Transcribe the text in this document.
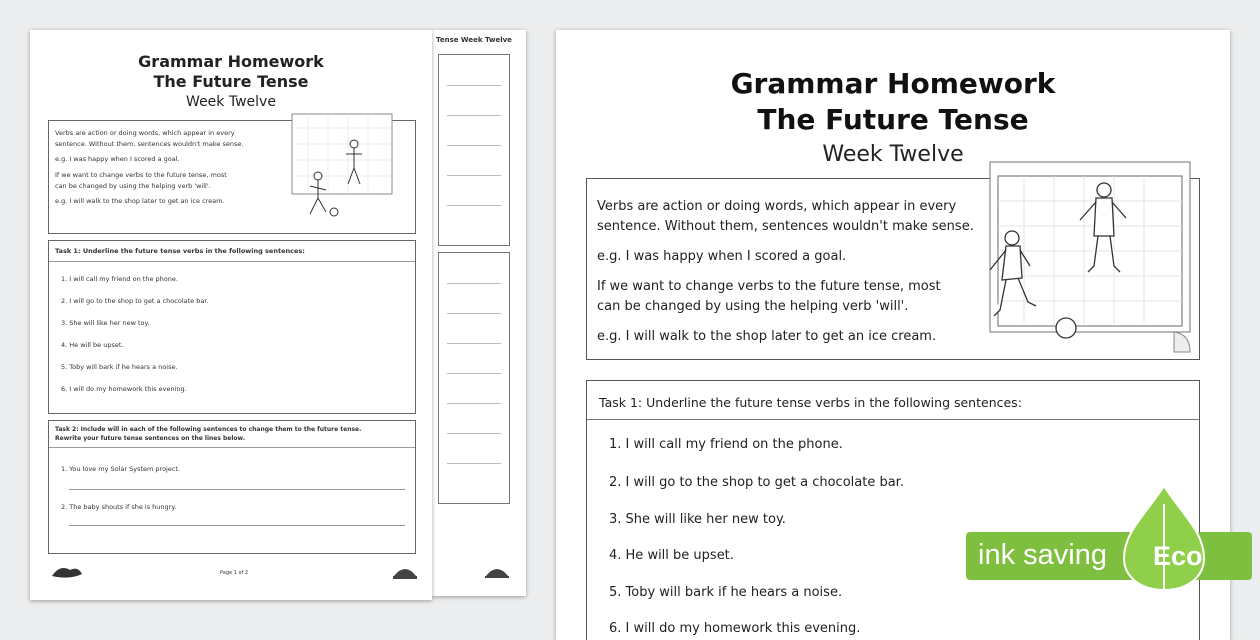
Tense Week Twelve
Grammar Homework
The Future Tense
Week Twelve
Verbs are action or doing words, which appear in every
sentence. Without them, sentences wouldn't make sense.
e.g. I was happy when I scored a goal.
If we want to change verbs to the future tense, most
can be changed by using the helping verb 'will'.
e.g. I will walk to the shop later to get an ice cream.
Task 1: Underline the future tense verbs in the following sentences:
1. I will call my friend on the phone.
2. I will go to the shop to get a chocolate bar.
3. She will like her new toy.
4. He will be upset.
5. Toby will bark if he hears a noise.
6. I will do my homework this evening.
Task 2: Include will in each of the following sentences to change them to the future tense.
Rewrite your future tense sentences on the lines below.
1. You love my Solar System project.
2. The baby shouts if she is hungry.
Page 1 of 2
Grammar Homework
The Future Tense
Week Twelve
Verbs are action or doing words, which appear in every
sentence. Without them, sentences wouldn't make sense.
e.g. I was happy when I scored a goal.
If we want to change verbs to the future tense, most
can be changed by using the helping verb 'will'.
e.g. I will walk to the shop later to get an ice cream.
Task 1: Underline the future tense verbs in the following sentences:
1. I will call my friend on the phone.
2. I will go to the shop to get a chocolate bar.
3. She will like her new toy.
4. He will be upset.
5. Toby will bark if he hears a noise.
6. I will do my homework this evening.
ink saving Eco
